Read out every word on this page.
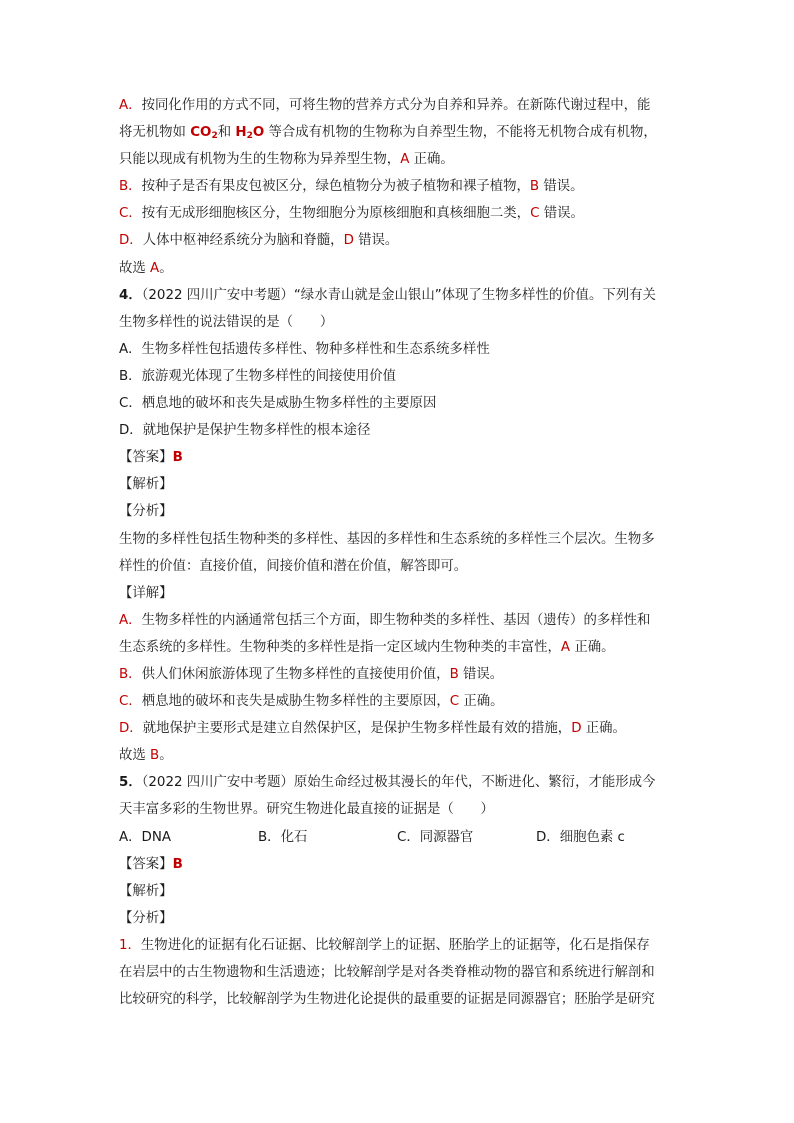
A．按同化作用的方式不同，可将生物的营养方式分为自养和异养。在新陈代谢过程中，能
将无机物如 $CO_2$和 $H_2O$ 等合成有机物的生物称为自养型生物，不能将无机物合成有机物，
只能以现成有机物为生的生物称为异养型生物，A 正确。
B．按种子是否有果皮包被区分，绿色植物分为被子植物和裸子植物，B 错误。
C．按有无成形细胞核区分，生物细胞分为原核细胞和真核细胞二类，C 错误。
D．人体中枢神经系统分为脑和脊髓，D 错误。
故选 A。
4．（2022 四川广安中考题）“绿水青山就是金山银山”体现了生物多样性的价值。下列有关
生物多样性的说法错误的是（　　）
A．生物多样性包括遗传多样性、物种多样性和生态系统多样性
B．旅游观光体现了生物多样性的间接使用价值
C．栖息地的破坏和丧失是威胁生物多样性的主要原因
D．就地保护是保护生物多样性的根本途径
【答案】B
【解析】
【分析】
生物的多样性包括生物种类的多样性、基因的多样性和生态系统的多样性三个层次。生物多
样性的价值：直接价值，间接价值和潜在价值，解答即可。
【详解】
A．生物多样性的内涵通常包括三个方面，即生物种类的多样性、基因（遗传）的多样性和
生态系统的多样性。生物种类的多样性是指一定区域内生物种类的丰富性，A 正确。
B．供人们休闲旅游体现了生物多样性的直接使用价值，B 错误。
C．栖息地的破坏和丧失是威胁生物多样性的主要原因，C 正确。
D．就地保护主要形式是建立自然保护区，是保护生物多样性最有效的措施，D 正确。
故选 B。
5．（2022 四川广安中考题）原始生命经过极其漫长的年代，不断进化、繁衍，才能形成今
天丰富多彩的生物世界。研究生物进化最直接的证据是（　　）
A．DNA	B．化石	C．同源器官	D．细胞色素 c
【答案】B
【解析】
【分析】
1．生物进化的证据有化石证据、比较解剖学上的证据、胚胎学上的证据等，化石是指保存
在岩层中的古生物遗物和生活遗迹；比较解剖学是对各类脊椎动物的器官和系统进行解剖和
比较研究的科学，比较解剖学为生物进化论提供的最重要的证据是同源器官；胚胎学是研究
